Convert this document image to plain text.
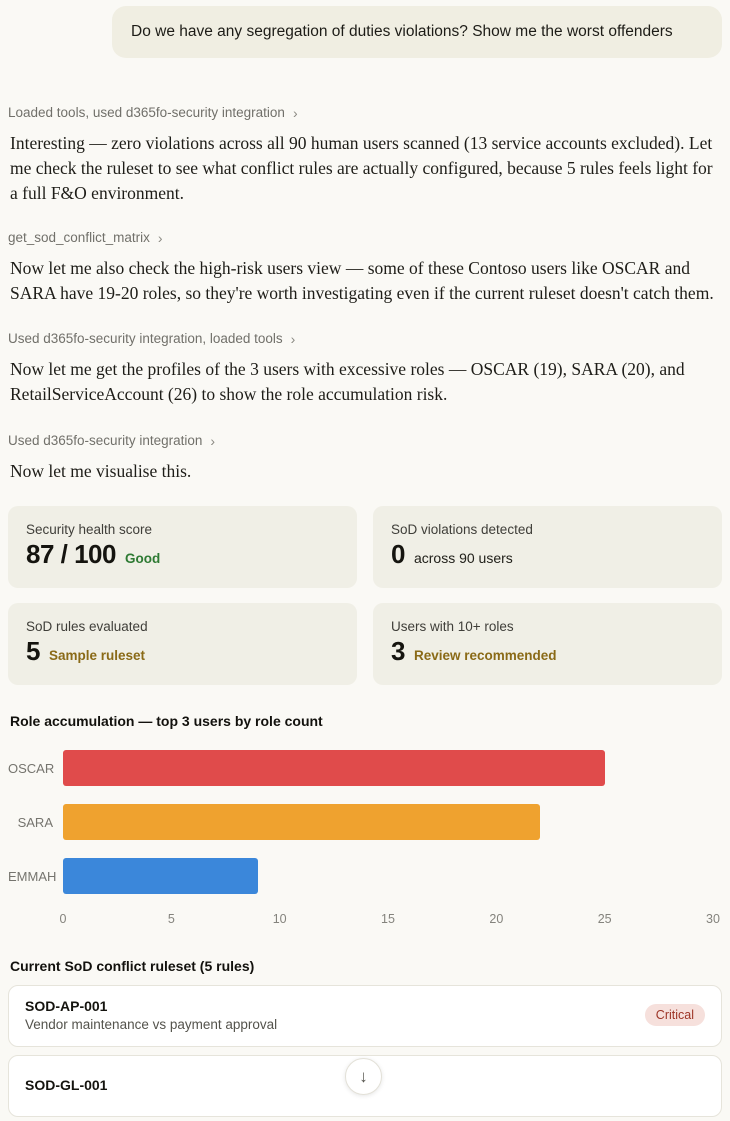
Do we have any segregation of duties violations? Show me the worst offenders
Loaded tools, used d365fo-security integration ›

Interesting — zero violations across all 90 human users scanned (13 service accounts excluded). Let me check the ruleset to see what conflict rules are actually configured, because 5 rules feels light for a full F&O environment.

get_sod_conflict_matrix ›

Now let me also check the high-risk users view — some of these Contoso users like OSCAR and SARA have 19-20 roles, so they're worth investigating even if the current ruleset doesn't catch them.

Used d365fo-security integration, loaded tools ›

Now let me get the profiles of the 3 users with excessive roles — OSCAR (19), SARA (20), and RetailServiceAccount (26) to show the role accumulation risk.

Used d365fo-security integration ›

Now let me visualise this.

Security health score
87 / 100 Good
SoD violations detected
0 across 90 users
SoD rules evaluated
5 Sample ruleset
Users with 10+ roles
3 Review recommended
Role accumulation — top 3 users by role count
OSCAR
SARA
EMMAH
0	5	10	15	20	25	30
Current SoD conflict ruleset (5 rules)
SOD-AP-001
Vendor maintenance vs payment approval
Critical
SOD-GL-001	↓
